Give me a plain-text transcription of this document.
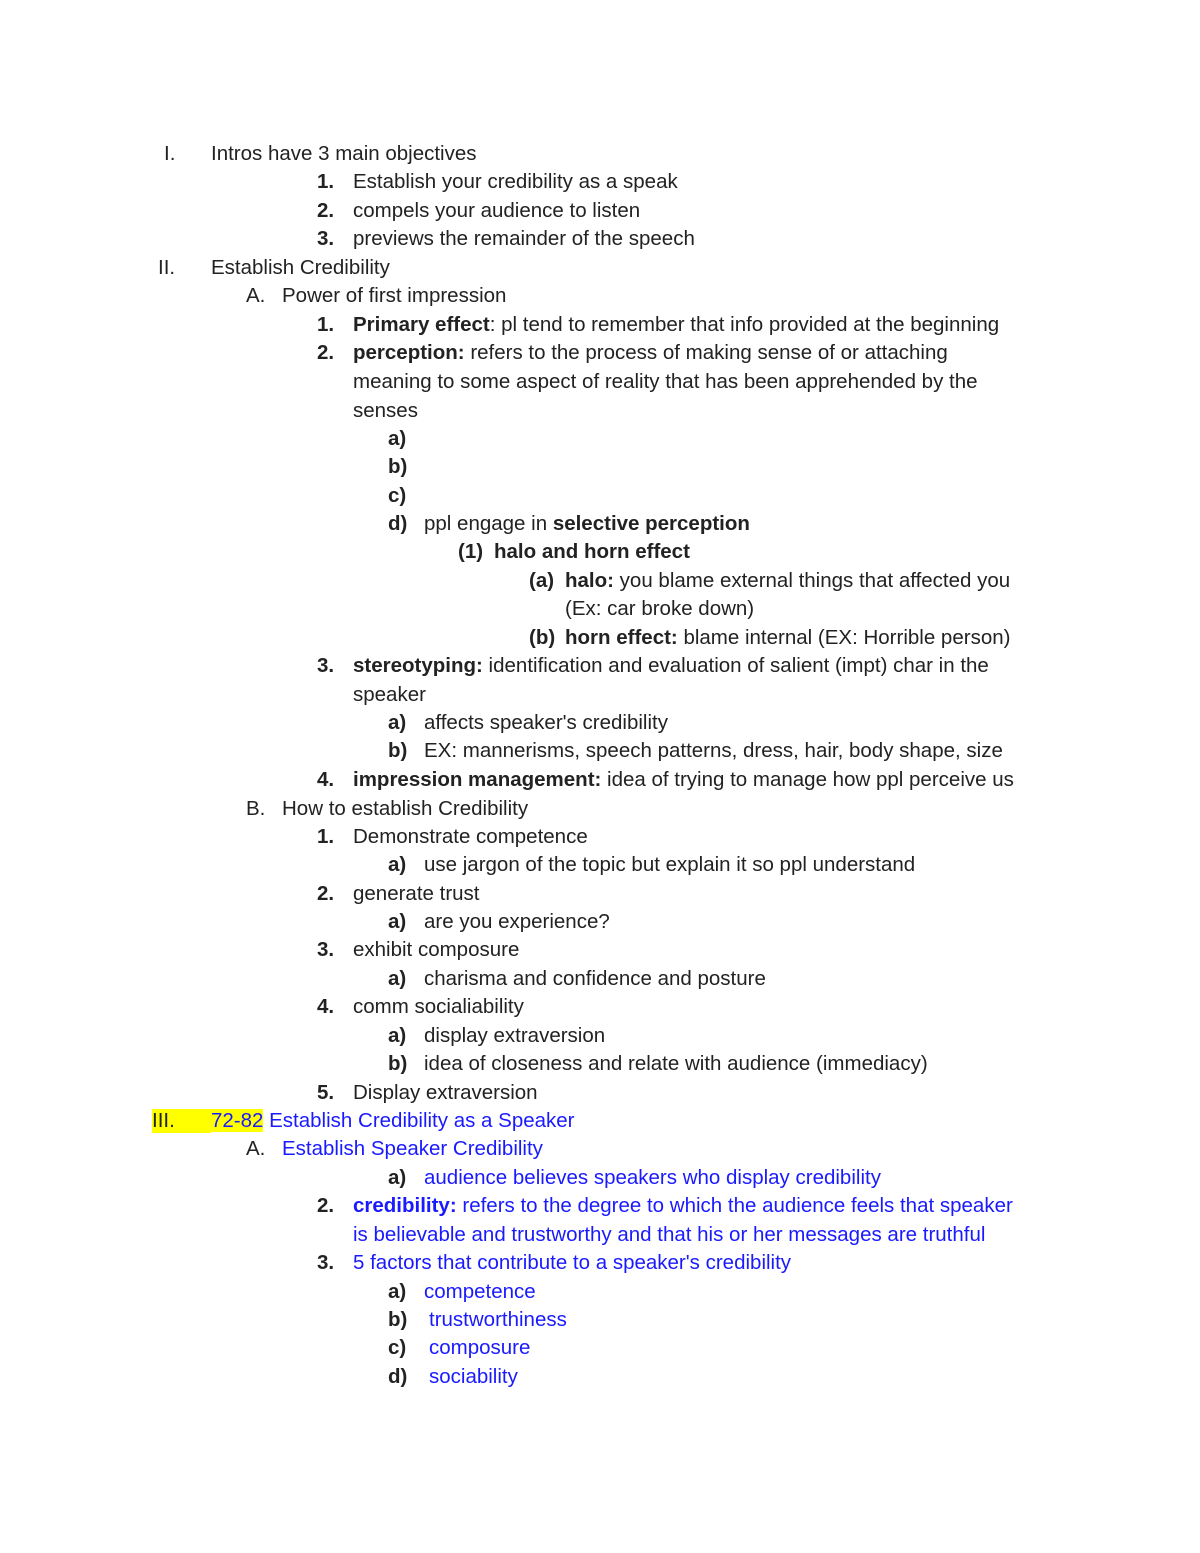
I. Intros have 3 main objectives
1. Establish your credibility as a speak
2. compels your audience to listen
3. previews the remainder of the speech
II. Establish Credibility
A. Power of first impression
1. Primary effect: pl tend to remember that info provided at the beginning
2. perception: refers to the process of making sense of or attaching
meaning to some aspect of reality that has been apprehended by the
senses
a)
b)
c)
d) ppl engage in selective perception
(1) halo and horn effect
(a) halo: you blame external things that affected you
(Ex: car broke down)
(b) horn effect: blame internal (EX: Horrible person)
3. stereotyping: identification and evaluation of salient (impt) char in the
speaker
a) affects speaker's credibility
b) EX: mannerisms, speech patterns, dress, hair, body shape, size
4. impression management: idea of trying to manage how ppl perceive us
B. How to establish Credibility
1. Demonstrate competence
a) use jargon of the topic but explain it so ppl understand
2. generate trust
a) are you experience?
3. exhibit composure
a) charisma and confidence and posture
4. comm socialiability
a) display extraversion
b) idea of closeness and relate with audience (immediacy)
5. Display extraversion
III.	72-82 Establish Credibility as a Speaker
A. Establish Speaker Credibility
a) audience believes speakers who display credibility
2. credibility: refers to the degree to which the audience feels that speaker
is believable and trustworthy and that his or her messages are truthful
3. 5 factors that contribute to a speaker's credibility
a) competence
b) trustworthiness
c) composure
d) sociability
